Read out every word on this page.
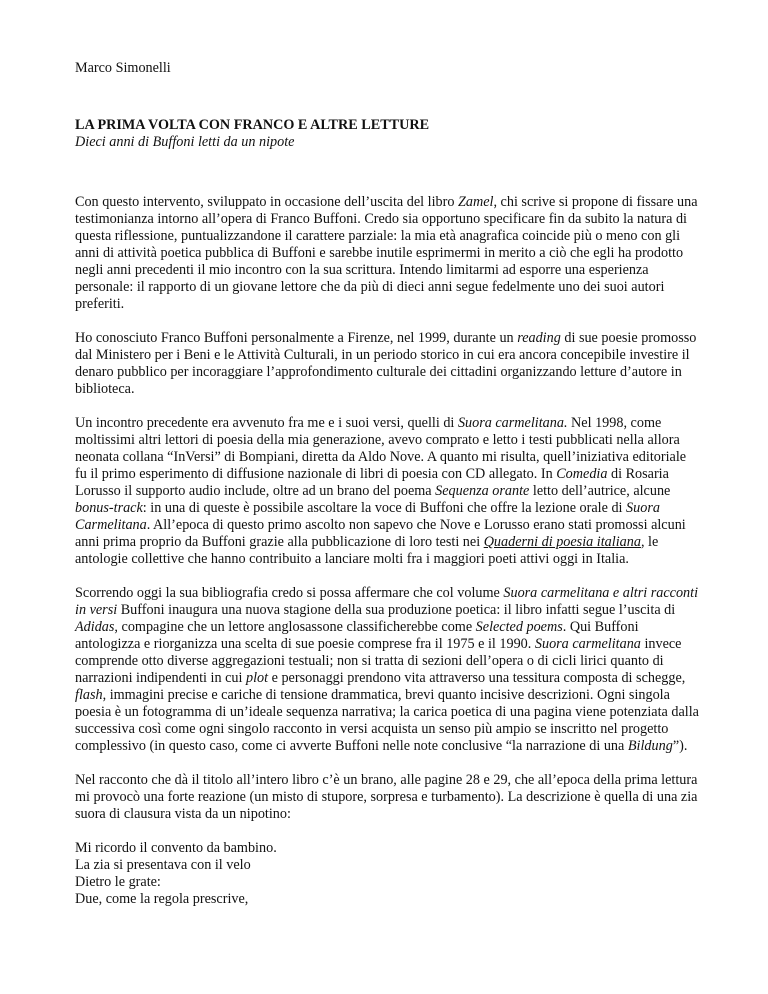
Marco Simonelli

LA PRIMA VOLTA CON FRANCO E ALTRE LETTURE

Dieci anni di Buffoni letti da un nipote

Con questo intervento, sviluppato in occasione dell’uscita del libro Zamel, chi scrive si propone di fissare una testimonianza intorno all’opera di Franco Buffoni. Credo sia opportuno specificare fin da subito la natura di questa riflessione, puntualizzandone il carattere parziale: la mia età anagrafica coincide più o meno con gli anni di attività poetica pubblica di Buffoni e sarebbe inutile esprimermi in merito a ciò che egli ha prodotto negli anni precedenti il mio incontro con la sua scrittura. Intendo limitarmi ad esporre una esperienza personale: il rapporto di un giovane lettore che da più di dieci anni segue fedelmente uno dei suoi autori preferiti.

Ho conosciuto Franco Buffoni personalmente a Firenze, nel 1999, durante un reading di sue poesie promosso dal Ministero per i Beni e le Attività Culturali, in un periodo storico in cui era ancora concepibile investire il denaro pubblico per incoraggiare l’approfondimento culturale dei cittadini organizzando letture d’autore in biblioteca.

Un incontro precedente era avvenuto fra me e i suoi versi, quelli di Suora carmelitana. Nel 1998, come moltissimi altri lettori di poesia della mia generazione, avevo comprato e letto i testi pubblicati nella allora neonata collana “InVersi” di Bompiani, diretta da Aldo Nove. A quanto mi risulta, quell’iniziativa editoriale fu il primo esperimento di diffusione nazionale di libri di poesia con CD allegato. In Comedia di Rosaria Lorusso il supporto audio include, oltre ad un brano del poema Sequenza orante letto dell’autrice, alcune bonus-track: in una di queste è possibile ascoltare la voce di Buffoni che offre la lezione orale di Suora Carmelitana. All’epoca di questo primo ascolto non sapevo che Nove e Lorusso erano stati promossi alcuni anni prima proprio da Buffoni grazie alla pubblicazione di loro testi nei Quaderni di poesia italiana, le antologie collettive che hanno contribuito a lanciare molti fra i maggiori poeti attivi oggi in Italia.

Scorrendo oggi la sua bibliografia credo si possa affermare che col volume Suora carmelitana e altri racconti in versi Buffoni inaugura una nuova stagione della sua produzione poetica: il libro infatti segue l’uscita di Adidas, compagine che un lettore anglosassone classificherebbe come Selected poems. Qui Buffoni antologizza e riorganizza una scelta di sue poesie comprese fra il 1975 e il 1990. Suora carmelitana invece comprende otto diverse aggregazioni testuali; non si tratta di sezioni dell’opera o di cicli lirici quanto di narrazioni indipendenti in cui plot e personaggi prendono vita attraverso una tessitura composta di schegge, flash, immagini precise e cariche di tensione drammatica, brevi quanto incisive descrizioni. Ogni singola poesia è un fotogramma di un’ideale sequenza narrativa; la carica poetica di una pagina viene potenziata dalla successiva così come ogni singolo racconto in versi acquista un senso più ampio se inscritto nel progetto complessivo (in questo caso, come ci avverte Buffoni nelle note conclusive “la narrazione di una Bildung”).

Nel racconto che dà il titolo all’intero libro c’è un brano, alle pagine 28 e 29, che all’epoca della prima lettura mi provocò una forte reazione (un misto di stupore, sorpresa e turbamento). La descrizione è quella di una zia suora di clausura vista da un nipotino:

Mi ricordo il convento da bambino.
La zia si presentava con il velo
Dietro le grate:
Due, come la regola prescrive,
